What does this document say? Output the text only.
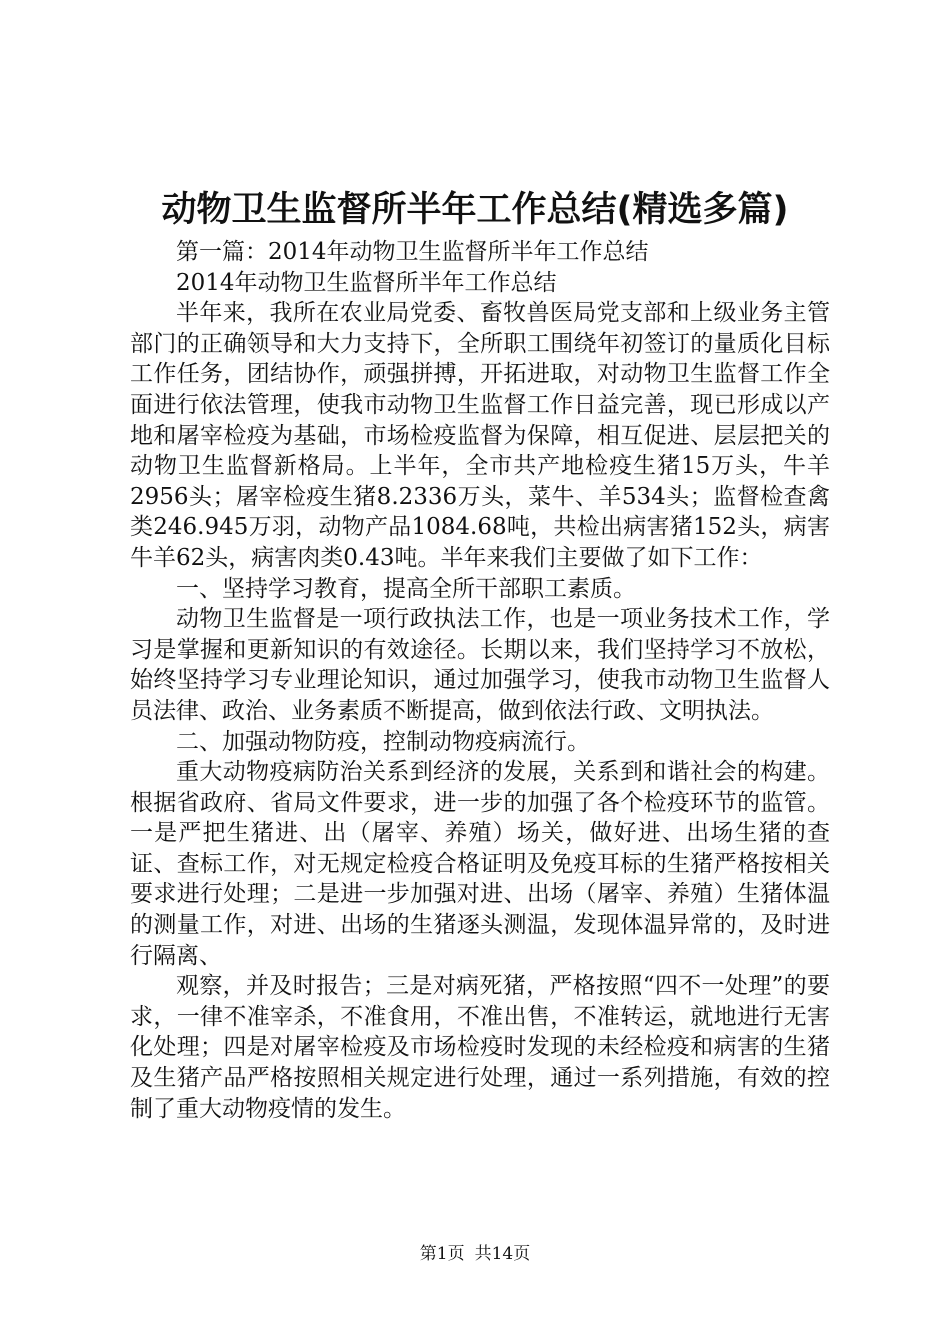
动物卫生监督所半年工作总结(精选多篇)

第一篇：2014年动物卫生监督所半年工作总结

2014年动物卫生监督所半年工作总结

半年来，我所在农业局党委、畜牧兽医局党支部和上级业务主管部门的正确领导和大力支持下，全所职工围绕年初签订的量质化目标工作任务，团结协作，顽强拼搏，开拓进取，对动物卫生监督工作全面进行依法管理，使我市动物卫生监督工作日益完善，现已形成以产地和屠宰检疫为基础，市场检疫监督为保障，相互促进、层层把关的动物卫生监督新格局。上半年，全市共产地检疫生猪15万头，牛羊2956头；屠宰检疫生猪8.2336万头，菜牛、羊534头；监督检查禽类246.945万羽，动物产品1084.68吨，共检出病害猪152头，病害牛羊62头，病害肉类0.43吨。半年来我们主要做了如下工作：

一、坚持学习教育，提高全所干部职工素质。

动物卫生监督是一项行政执法工作，也是一项业务技术工作，学习是掌握和更新知识的有效途径。长期以来，我们坚持学习不放松，始终坚持学习专业理论知识，通过加强学习，使我市动物卫生监督人员法律、政治、业务素质不断提高，做到依法行政、文明执法。

二、加强动物防疫，控制动物疫病流行。

重大动物疫病防治关系到经济的发展，关系到和谐社会的构建。根据省政府、省局文件要求，进一步的加强了各个检疫环节的监管。一是严把生猪进、出（屠宰、养殖）场关，做好进、出场生猪的查证、查标工作，对无规定检疫合格证明及免疫耳标的生猪严格按相关要求进行处理；二是进一步加强对进、出场（屠宰、养殖）生猪体温的测量工作，对进、出场的生猪逐头测温，发现体温异常的，及时进行隔离、

观察，并及时报告；三是对病死猪，严格按照“四不一处理”的要求，一律不准宰杀，不准食用，不准出售，不准转运，就地进行无害化处理；四是对屠宰检疫及市场检疫时发现的未经检疫和病害的生猪及生猪产品严格按照相关规定进行处理，通过一系列措施，有效的控制了重大动物疫情的发生。

第1页 共14页
